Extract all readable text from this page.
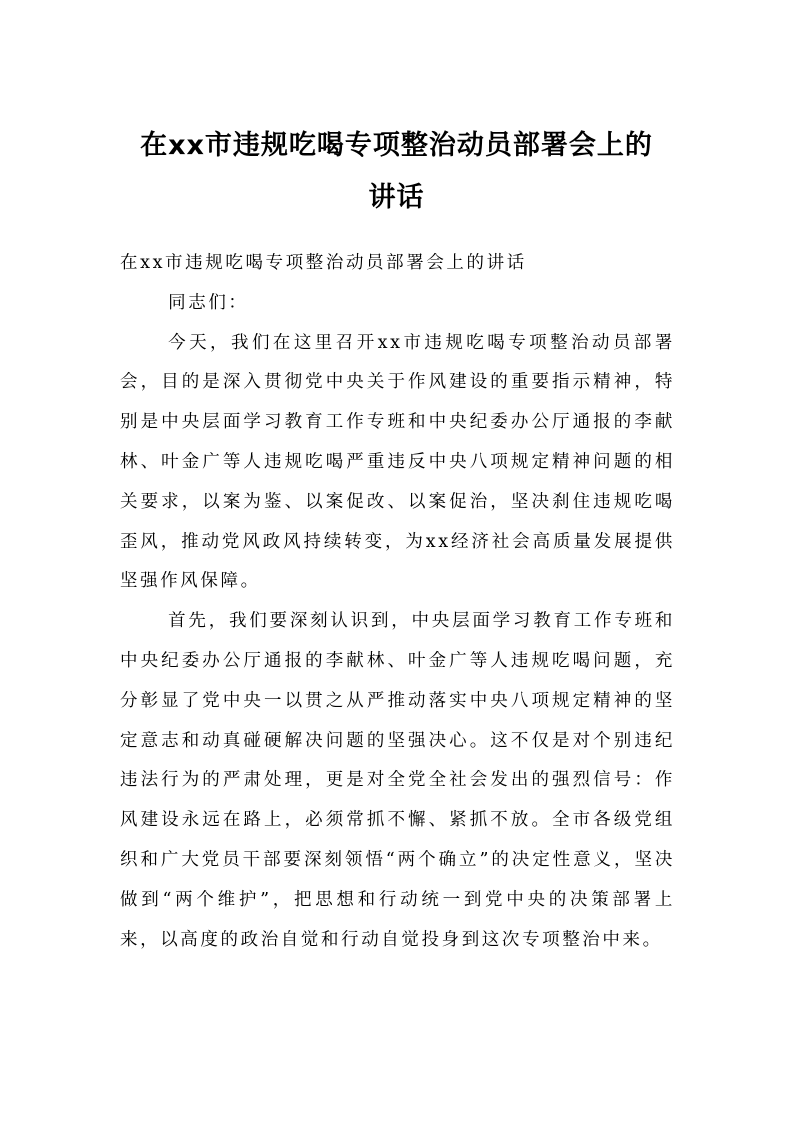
在xx市违规吃喝专项整治动员部署会上的
讲话

在xx市违规吃喝专项整治动员部署会上的讲话

同志们：

今天，我们在这里召开xx市违规吃喝专项整治动员部署会，目的是深入贯彻党中央关于作风建设的重要指示精神，特别是中央层面学习教育工作专班和中央纪委办公厅通报的李献林、叶金广等人违规吃喝严重违反中央八项规定精神问题的相关要求，以案为鉴、以案促改、以案促治，坚决刹住违规吃喝歪风，推动党风政风持续转变，为xx经济社会高质量发展提供坚强作风保障。

首先，我们要深刻认识到，中央层面学习教育工作专班和中央纪委办公厅通报的李献林、叶金广等人违规吃喝问题，充分彰显了党中央一以贯之从严推动落实中央八项规定精神的坚定意志和动真碰硬解决问题的坚强决心。这不仅是对个别违纪违法行为的严肃处理，更是对全党全社会发出的强烈信号：作风建设永远在路上，必须常抓不懈、紧抓不放。全市各级党组织和广大党员干部要深刻领悟“两个确立”的决定性意义，坚决做到“两个维护”，把思想和行动统一到党中央的决策部署上来，以高度的政治自觉和行动自觉投身到这次专项整治中来。
